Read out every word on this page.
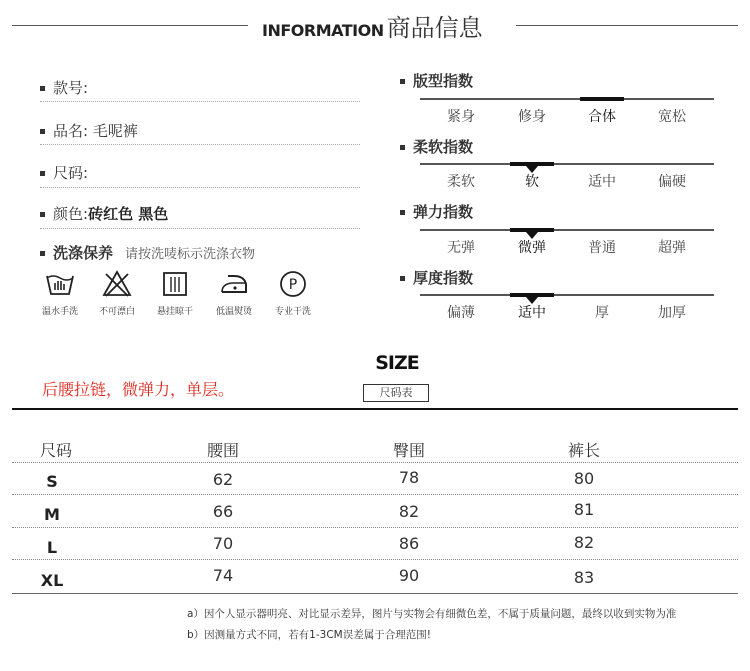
INFORMATION 商品信息
款号:
品名: 毛呢裤
尺码:
颜色:砖红色 黑色
洗涤保养 请按洗唛标示洗涤衣物
温水手洗	不可漂白	悬挂晾干	低温熨烫
P
专业干洗
版型指数
紧身	修身	合体	宽松
柔软指数
柔软	软	适中	偏硬
弹力指数
无弹	微弹	普通	超弹
厚度指数
偏薄	适中	厚	加厚
后腰拉链，微弹力，单层。
SIZE
尺码表
尺码	腰围	臀围	裤长
S	62	78	80
M	66	82	81
L	70	86	82
XL	74	90	83
a）因个人显示器明亮、对比显示差异，图片与实物会有细微色差，不属于质量问题，最终以收到实物为准
b）因测量方式不同，若有1-3CM误差属于合理范围!
